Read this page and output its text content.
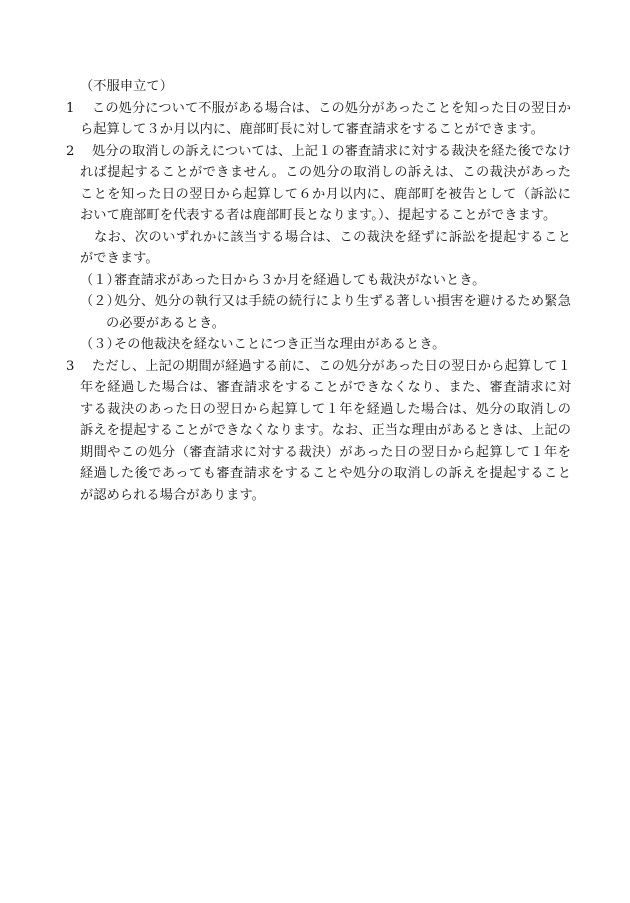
（不服申立て）

1 この処分について不服がある場合は、この処分があったことを知った日の翌日から起算して３か月以内に、鹿部町長に対して審査請求をすることができます。

2 処分の取消しの訴えについては、上記１の審査請求に対する裁決を経た後でなければ提起することができません。この処分の取消しの訴えは、この裁決があったことを知った日の翌日から起算して６か月以内に、鹿部町を被告として（訴訟において鹿部町を代表する者は鹿部町長となります。）、提起することができます。

なお、次のいずれかに該当する場合は、この裁決を経ずに訴訟を提起することができます。

（１）審査請求があった日から３か月を経過しても裁決がないとき。

（２）処分、処分の執行又は手続の続行により生ずる著しい損害を避けるため緊急の必要があるとき。

（３）その他裁決を経ないことにつき正当な理由があるとき。

3 ただし、上記の期間が経過する前に、この処分があった日の翌日から起算して１年を経過した場合は、審査請求をすることができなくなり、また、審査請求に対する裁決のあった日の翌日から起算して１年を経過した場合は、処分の取消しの訴えを提起することができなくなります。なお、正当な理由があるときは、上記の期間やこの処分（審査請求に対する裁決）があった日の翌日から起算して１年を経過した後であっても審査請求をすることや処分の取消しの訴えを提起することが認められる場合があります。
